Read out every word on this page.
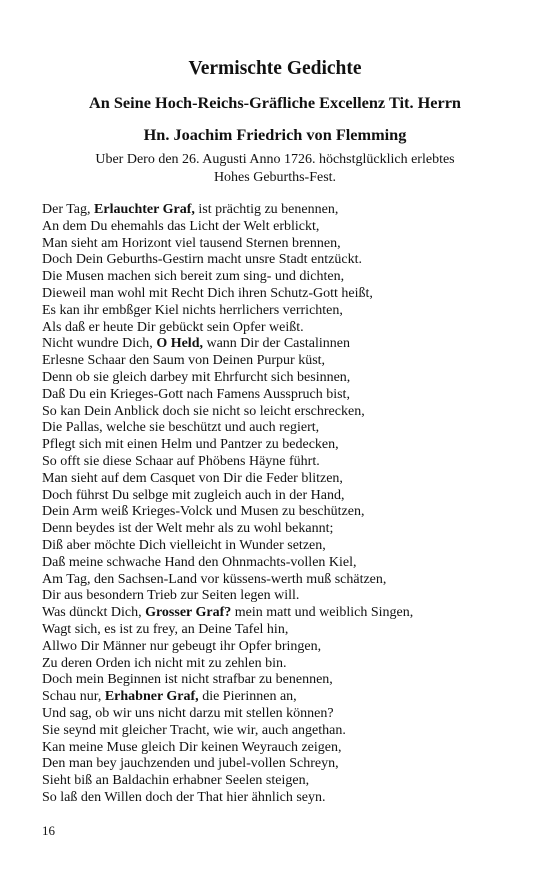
Vermischte Gedichte
An Seine Hoch-Reichs-Gräfliche Excellenz Tit. Herrn
Hn. Joachim Friedrich von Flemming
Uber Dero den 26. Augusti Anno 1726. höchstglücklich erlebtes
Hohes Geburths-Fest.
Der Tag, Erlauchter Graf, ist prächtig zu benennen,
An dem Du ehemahls das Licht der Welt erblickt,
Man sieht am Horizont viel tausend Sternen brennen,
Doch Dein Geburths-Gestirn macht unsre Stadt entzückt.
Die Musen machen sich bereit zum sing- und dichten,
Dieweil man wohl mit Recht Dich ihren Schutz-Gott heißt,
Es kan ihr embßger Kiel nichts herrlichers verrichten,
Als daß er heute Dir gebückt sein Opfer weißt.
Nicht wundre Dich, O Held, wann Dir der Castalinnen
Erlesne Schaar den Saum von Deinen Purpur küst,
Denn ob sie gleich darbey mit Ehrfurcht sich besinnen,
Daß Du ein Krieges-Gott nach Famens Ausspruch bist,
So kan Dein Anblick doch sie nicht so leicht erschrecken,
Die Pallas, welche sie beschützt und auch regiert,
Pflegt sich mit einen Helm und Pantzer zu bedecken,
So offt sie diese Schaar auf Phöbens Häyne führt.
Man sieht auf dem Casquet von Dir die Feder blitzen,
Doch führst Du selbge mit zugleich auch in der Hand,
Dein Arm weiß Krieges-Volck und Musen zu beschützen,
Denn beydes ist der Welt mehr als zu wohl bekannt;
Diß aber möchte Dich vielleicht in Wunder setzen,
Daß meine schwache Hand den Ohnmachts-vollen Kiel,
Am Tag, den Sachsen-Land vor küssens-werth muß schätzen,
Dir aus besondern Trieb zur Seiten legen will.
Was dünckt Dich, Grosser Graf? mein matt und weiblich Singen,
Wagt sich, es ist zu frey, an Deine Tafel hin,
Allwo Dir Männer nur gebeugt ihr Opfer bringen,
Zu deren Orden ich nicht mit zu zehlen bin.
Doch mein Beginnen ist nicht strafbar zu benennen,
Schau nur, Erhabner Graf, die Pierinnen an,
Und sag, ob wir uns nicht darzu mit stellen können?
Sie seynd mit gleicher Tracht, wie wir, auch angethan.
Kan meine Muse gleich Dir keinen Weyrauch zeigen,
Den man bey jauchzenden und jubel-vollen Schreyn,
Sieht biß an Baldachin erhabner Seelen steigen,
So laß den Willen doch der That hier ähnlich seyn.
16
